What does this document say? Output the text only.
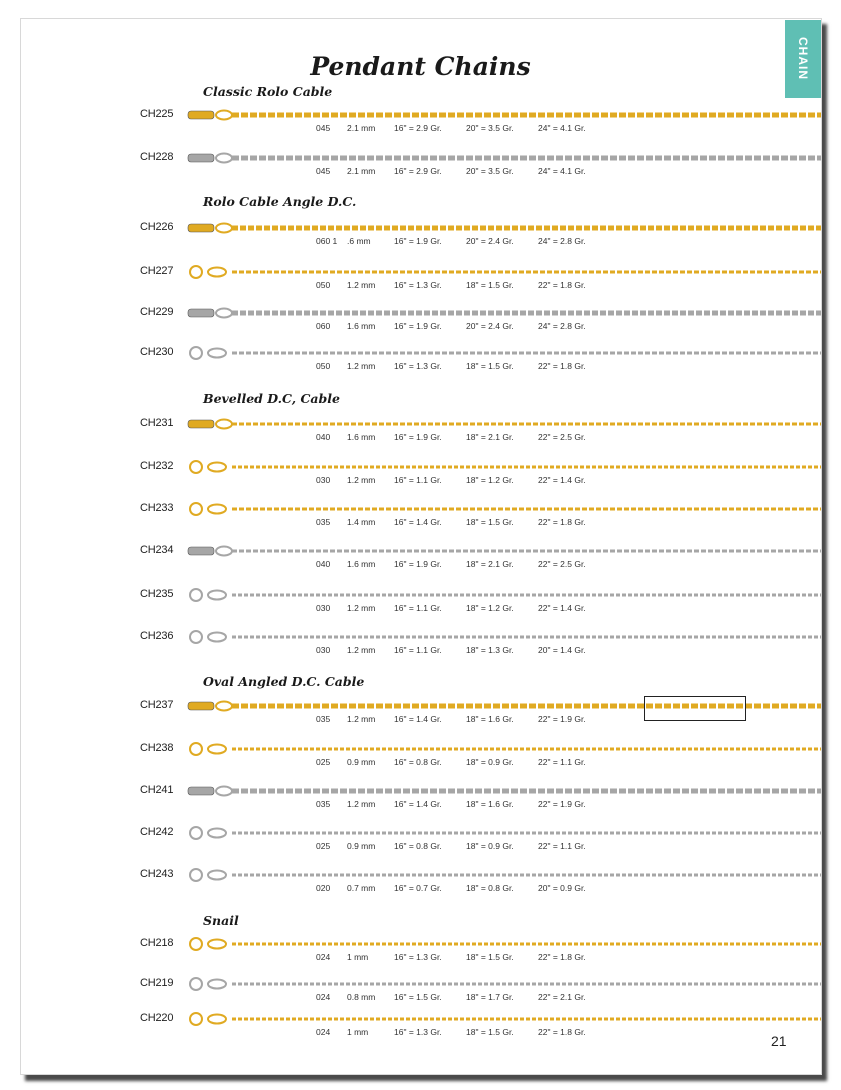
CHAIN
Pendant Chains
Classic Rolo Cable
Rolo Cable Angle D.C.
Bevelled D.C, Cable
Oval Angled D.C. Cable
Snail
CH225
045 2.1 mm 16" = 2.9 Gr.	20" = 3.5 Gr.	24" = 4.1 Gr.
CH228
045 2.1 mm 16" = 2.9 Gr.	20" = 3.5 Gr.	24" = 4.1 Gr.
CH226
060 1 .6 mm	16" = 1.9 Gr.	20" = 2.4 Gr.	24" = 2.8 Gr.
CH227
050 1.2 mm 16" = 1.3 Gr.	18" = 1.5 Gr.	22" = 1.8 Gr.
CH229
060 1.6 mm 16" = 1.9 Gr.	20" = 2.4 Gr.	24" = 2.8 Gr.
CH230
050 1.2 mm 16" = 1.3 Gr.	18" = 1.5 Gr.	22" = 1.8 Gr.
CH231
040 1.6 mm 16" = 1.9 Gr.	18" = 2.1 Gr.	22" = 2.5 Gr.
CH232
030 1.2 mm 16" = 1.1 Gr.	18" = 1.2 Gr.	22" = 1.4 Gr.
CH233
035 1.4 mm 16" = 1.4 Gr.	18" = 1.5 Gr.	22" = 1.8 Gr.
CH234
040 1.6 mm 16" = 1.9 Gr.	18" = 2.1 Gr.	22" = 2.5 Gr.
CH235
030 1.2 mm 16" = 1.1 Gr.	18" = 1.2 Gr.	22" = 1.4 Gr.
CH236
030 1.2 mm 16" = 1.1 Gr.	18" = 1.3 Gr.	20" = 1.4 Gr.
CH237
035 1.2 mm 16" = 1.4 Gr.	18" = 1.6 Gr.	22" = 1.9 Gr.
CH238
025 0.9 mm 16" = 0.8 Gr.	18" = 0.9 Gr.	22" = 1.1 Gr.
CH241
035 1.2 mm 16" = 1.4 Gr.	18" = 1.6 Gr.	22" = 1.9 Gr.
CH242
025 0.9 mm 16" = 0.8 Gr.	18" = 0.9 Gr.	22" = 1.1 Gr.
CH243
020 0.7 mm 16" = 0.7 Gr.	18" = 0.8 Gr.	20" = 0.9 Gr.
CH218
024 1 mm	16" = 1.3 Gr.	18" = 1.5 Gr.	22" = 1.8 Gr.
CH219
024 0.8 mm 16" = 1.5 Gr.	18" = 1.7 Gr.	22" = 2.1 Gr.
CH220
024 1 mm	16" = 1.3 Gr.	18" = 1.5 Gr.	22" = 1.8 Gr.
21
